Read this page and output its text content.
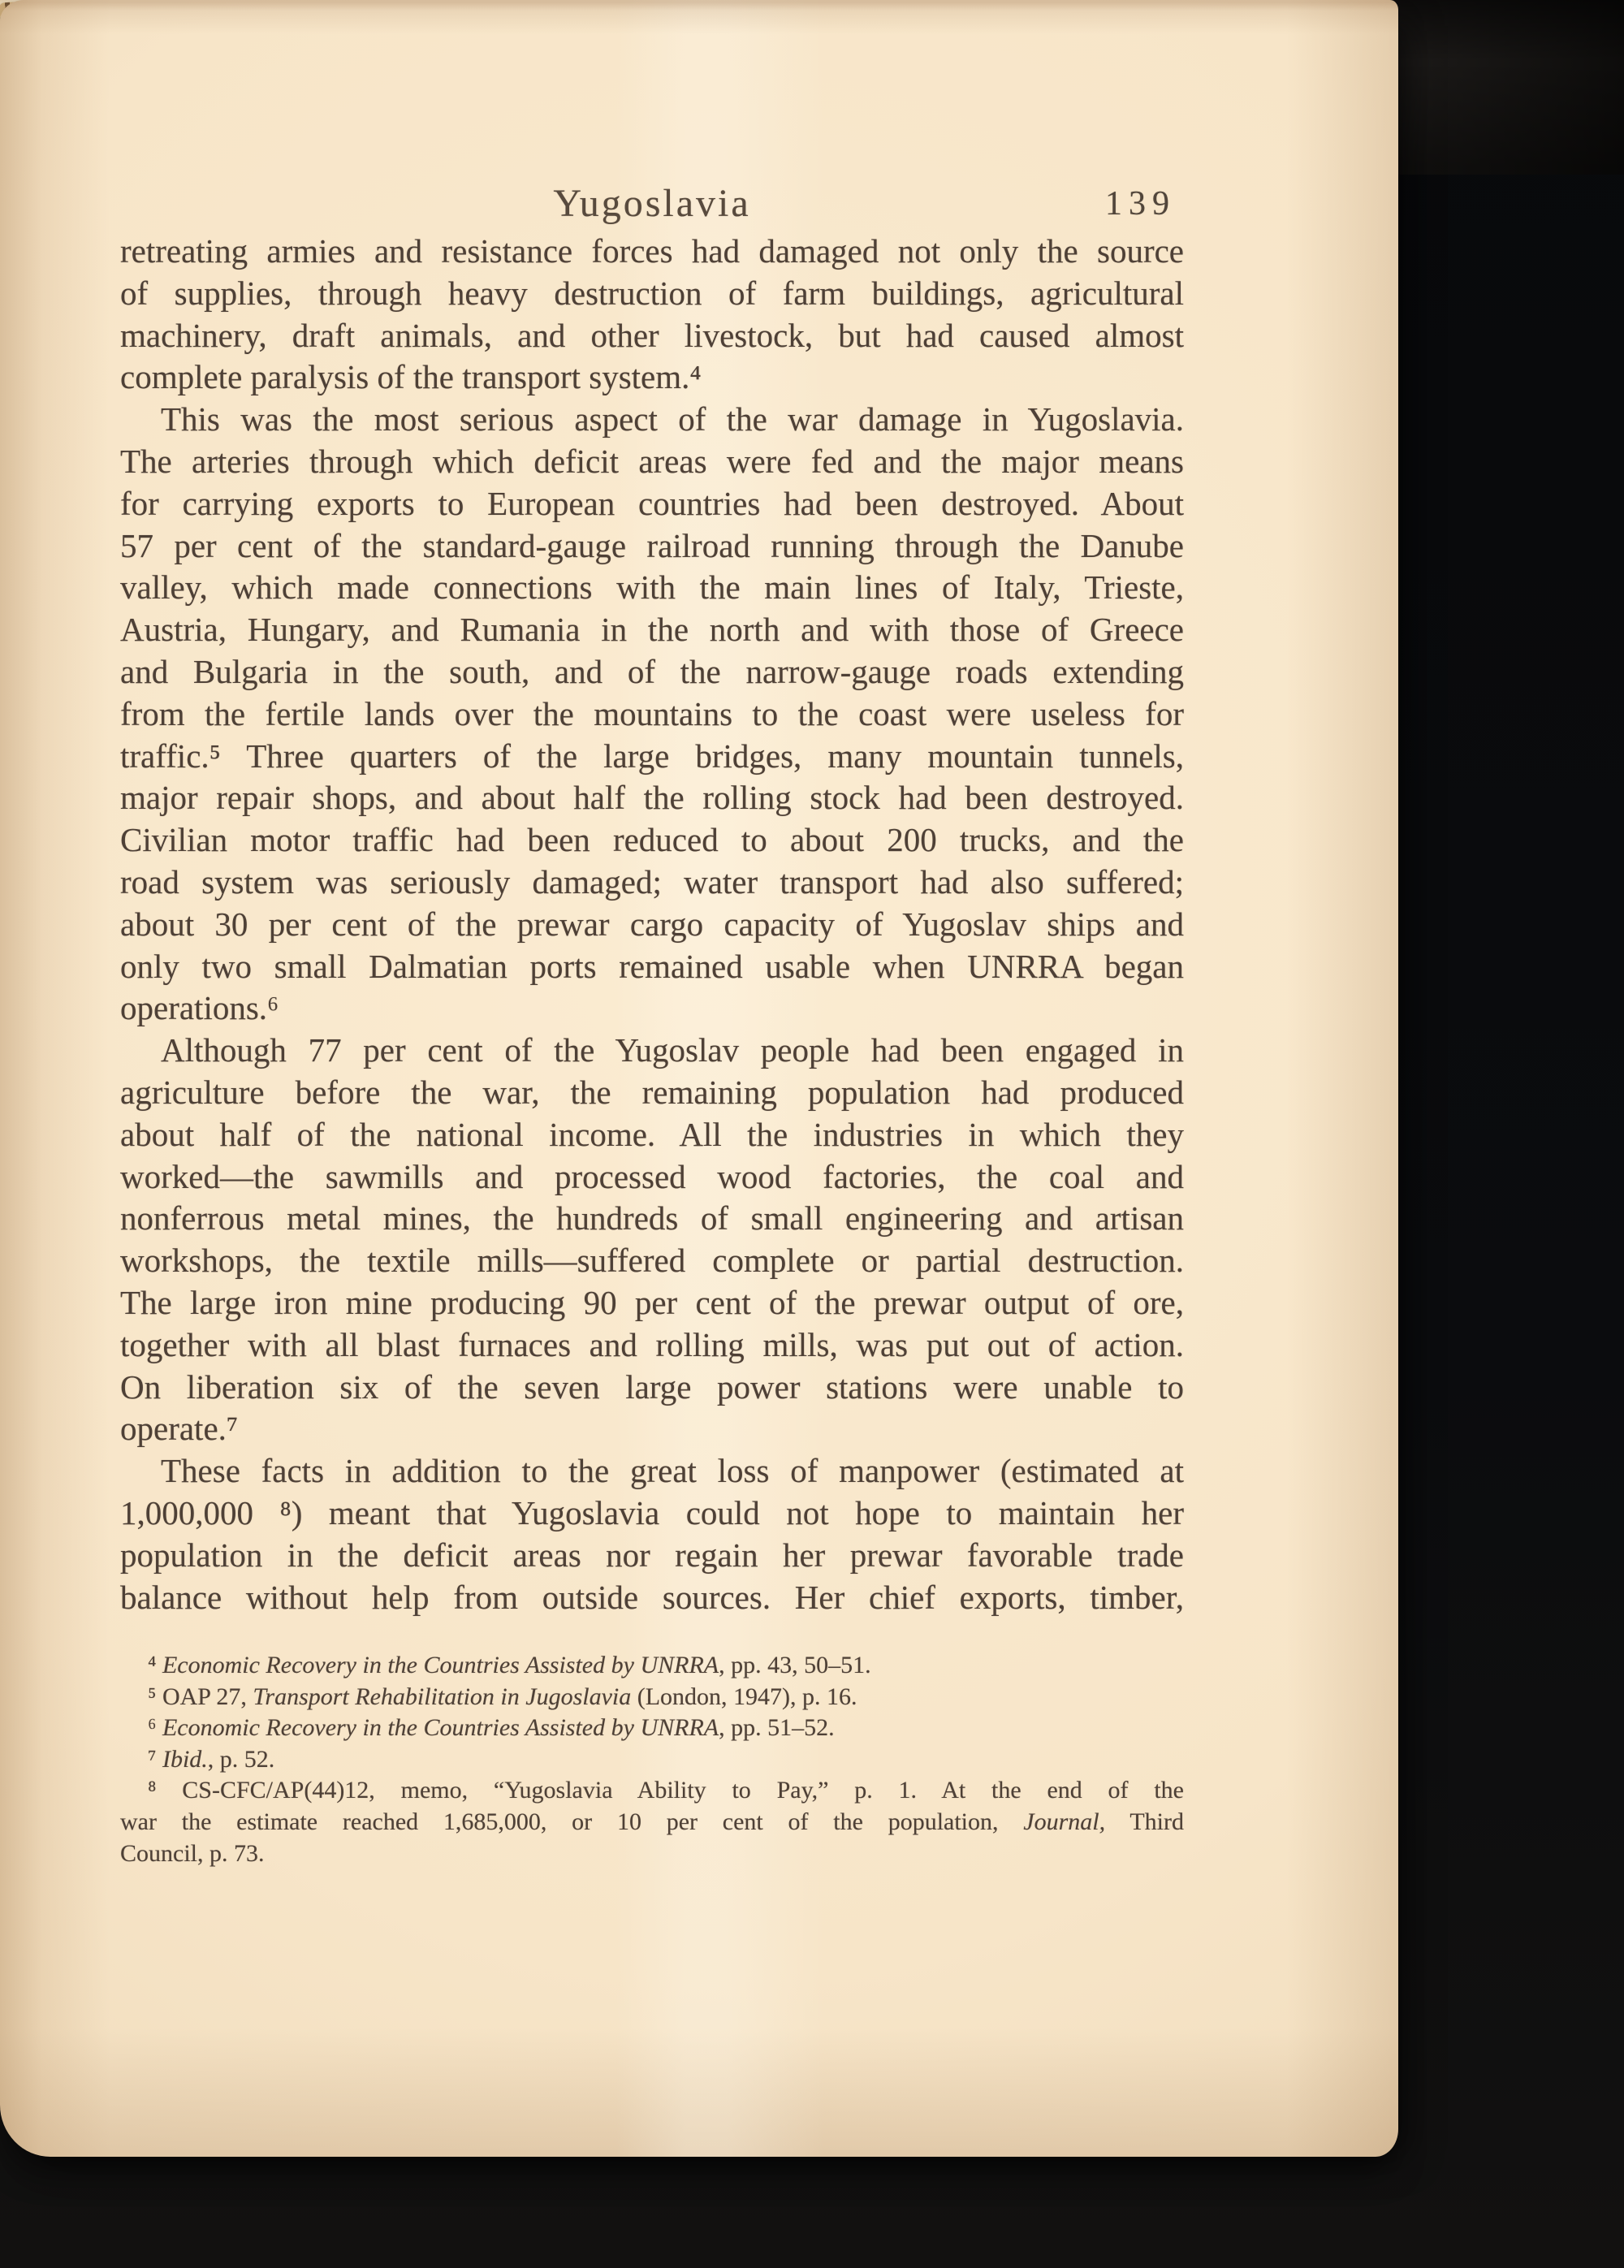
Yugoslavia	139
retreating armies and resistance forces had damaged not only the source
of supplies, through heavy destruction of farm buildings, agricultural
machinery, draft animals, and other livestock, but had caused almost
complete paralysis of the transport system.⁴
This was the most serious aspect of the war damage in Yugoslavia.
The arteries through which deficit areas were fed and the major means
for carrying exports to European countries had been destroyed. About
57 per cent of the standard-gauge railroad running through the Danube
valley, which made connections with the main lines of Italy, Trieste,
Austria, Hungary, and Rumania in the north and with those of Greece
and Bulgaria in the south, and of the narrow-gauge roads extending
from the fertile lands over the mountains to the coast were useless for
traffic.⁵ Three quarters of the large bridges, many mountain tunnels,
major repair shops, and about half the rolling stock had been destroyed.
Civilian motor traffic had been reduced to about 200 trucks, and the
road system was seriously damaged; water transport had also suffered;
about 30 per cent of the prewar cargo capacity of Yugoslav ships and
only two small Dalmatian ports remained usable when UNRRA began
operations.⁶
Although 77 per cent of the Yugoslav people had been engaged in
agriculture before the war, the remaining population had produced
about half of the national income. All the industries in which they
worked—the sawmills and processed wood factories, the coal and
nonferrous metal mines, the hundreds of small engineering and artisan
workshops, the textile mills—suffered complete or partial destruction.
The large iron mine producing 90 per cent of the prewar output of ore,
together with all blast furnaces and rolling mills, was put out of action.
On liberation six of the seven large power stations were unable to
operate.⁷
These facts in addition to the great loss of manpower (estimated at
1,000,000 ⁸) meant that Yugoslavia could not hope to maintain her
population in the deficit areas nor regain her prewar favorable trade
balance without help from outside sources. Her chief exports, timber,
⁴ Economic Recovery in the Countries Assisted by UNRRA, pp. 43, 50–51.
⁵ OAP 27, Transport Rehabilitation in Jugoslavia (London, 1947), p. 16.
⁶ Economic Recovery in the Countries Assisted by UNRRA, pp. 51–52.
⁷ Ibid., p. 52.
⁸ CS-CFC/AP(44)12, memo, “Yugoslavia Ability to Pay,” p. 1. At the end of the
war the estimate reached 1,685,000, or 10 per cent of the population, Journal, Third
Council, p. 73.
